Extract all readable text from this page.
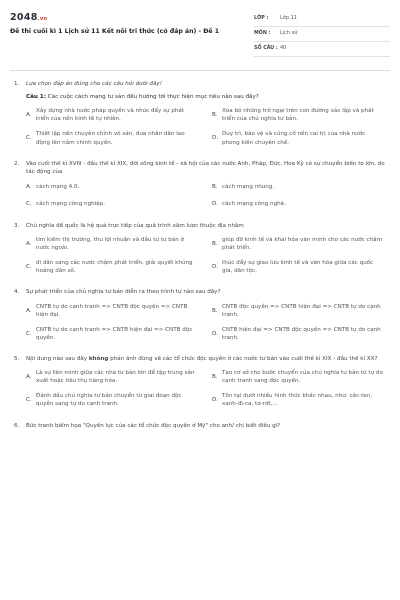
2048.vn
Đề thi cuối kì 1 Lịch sử 11 Kết nối tri thức (có đáp án) - Đề 1
LỚP :	Lớp 11
MÔN :	Lịch sử
SỐ CÂU : 40
1.	Lựa chọn đáp án đúng cho các câu hỏi dưới đây!
Câu 1: Các cuộc cách mạng tư sản đều hướng tới thực hiện mục tiêu nào sau đây?
A.
Xây dựng nhà nước pháp quyền và nhúc đẩy sự phát triển của nền kinh tế tự nhiên.
B.
Xóa bỏ những trở ngại trên con đường xác lập và phát triển của chủ nghĩa tư bản.
C.
Thiết lập nền chuyên chính vô sản, đưa nhân dân lao động lên nắm chính quyền.
D.
Duy trì, bảo vệ và củng cố nền cai trị của nhà nước phong kiến chuyên chế.
2.	Vào cuối thế kỉ XVIII - đầu thế kỉ XIX, đời sống kinh tế - xã hội của các nước Anh, Pháp, Đức, Hoa Kỳ có sự chuyển biến to lớn, do tác động của
A. cách mạng 4.0.	B. cách mạng nhung.
C. cách mạng công nghiệp.	D. cách mạng công nghệ.
3.	Chủ nghĩa đế quốc là hệ quả trực tiếp của quá trình xâm lược thuộc địa nhằm
A.
tìm kiếm thị trường, thu lợi nhuận và đầu tư tư bản ở nước ngoài.
B.
giúp đỡ kinh tế và khai hóa văn minh cho các nước chậm phát triển.
C.
di dân sang các nước chậm phát triển, giải quyết khủng hoảng dân số.
D.
thúc đẩy sự giao lưu kinh tế và văn hóa giữa các quốc gia, dân tộc.
4.	Sự phát triển của chủ nghĩa tư bản diễn ra theo trình tự nào sau đây?
A.
CNTB tự do cạnh tranh => CNTB độc quyền => CNTB hiện đại.
B.
CNTB độc quyền => CNTB hiện đại => CNTB tự do cạnh tranh.
C.
CNTB tự do cạnh tranh => CNTB hiện đại => CNTB độc quyền.
D.
CNTB hiện đại => CNTB độc quyền => CNTB tự do cạnh tranh.
5.	Nội dung nào sau đây không phản ánh đúng về các tổ chức độc quyền ở các nước tư bản vào cuối thế kỉ XIX - đầu thế kỉ XX?
A.
Là sự liên minh giữa các nhà tư bản lớn để tập trung sản xuất hoặc tiêu thụ hàng hóa.
B.
Tạo cơ sở cho bước chuyển của chủ nghĩa tư bản từ tự do cạnh tranh sang độc quyền.
C.
Đánh dấu chủ nghĩa tư bản chuyển từ giai đoạn độc quyền sang tự do cạnh tranh.
D.
Tồn tại dưới nhiều hình thức khác nhau, như: các-ten, xanh-đi-ca, tơ-rớt,...
6.	Bức tranh biếm họa "Quyền lực của các tổ chức độc quyền ở Mỹ" cho anh/ chị biết điều gì?
